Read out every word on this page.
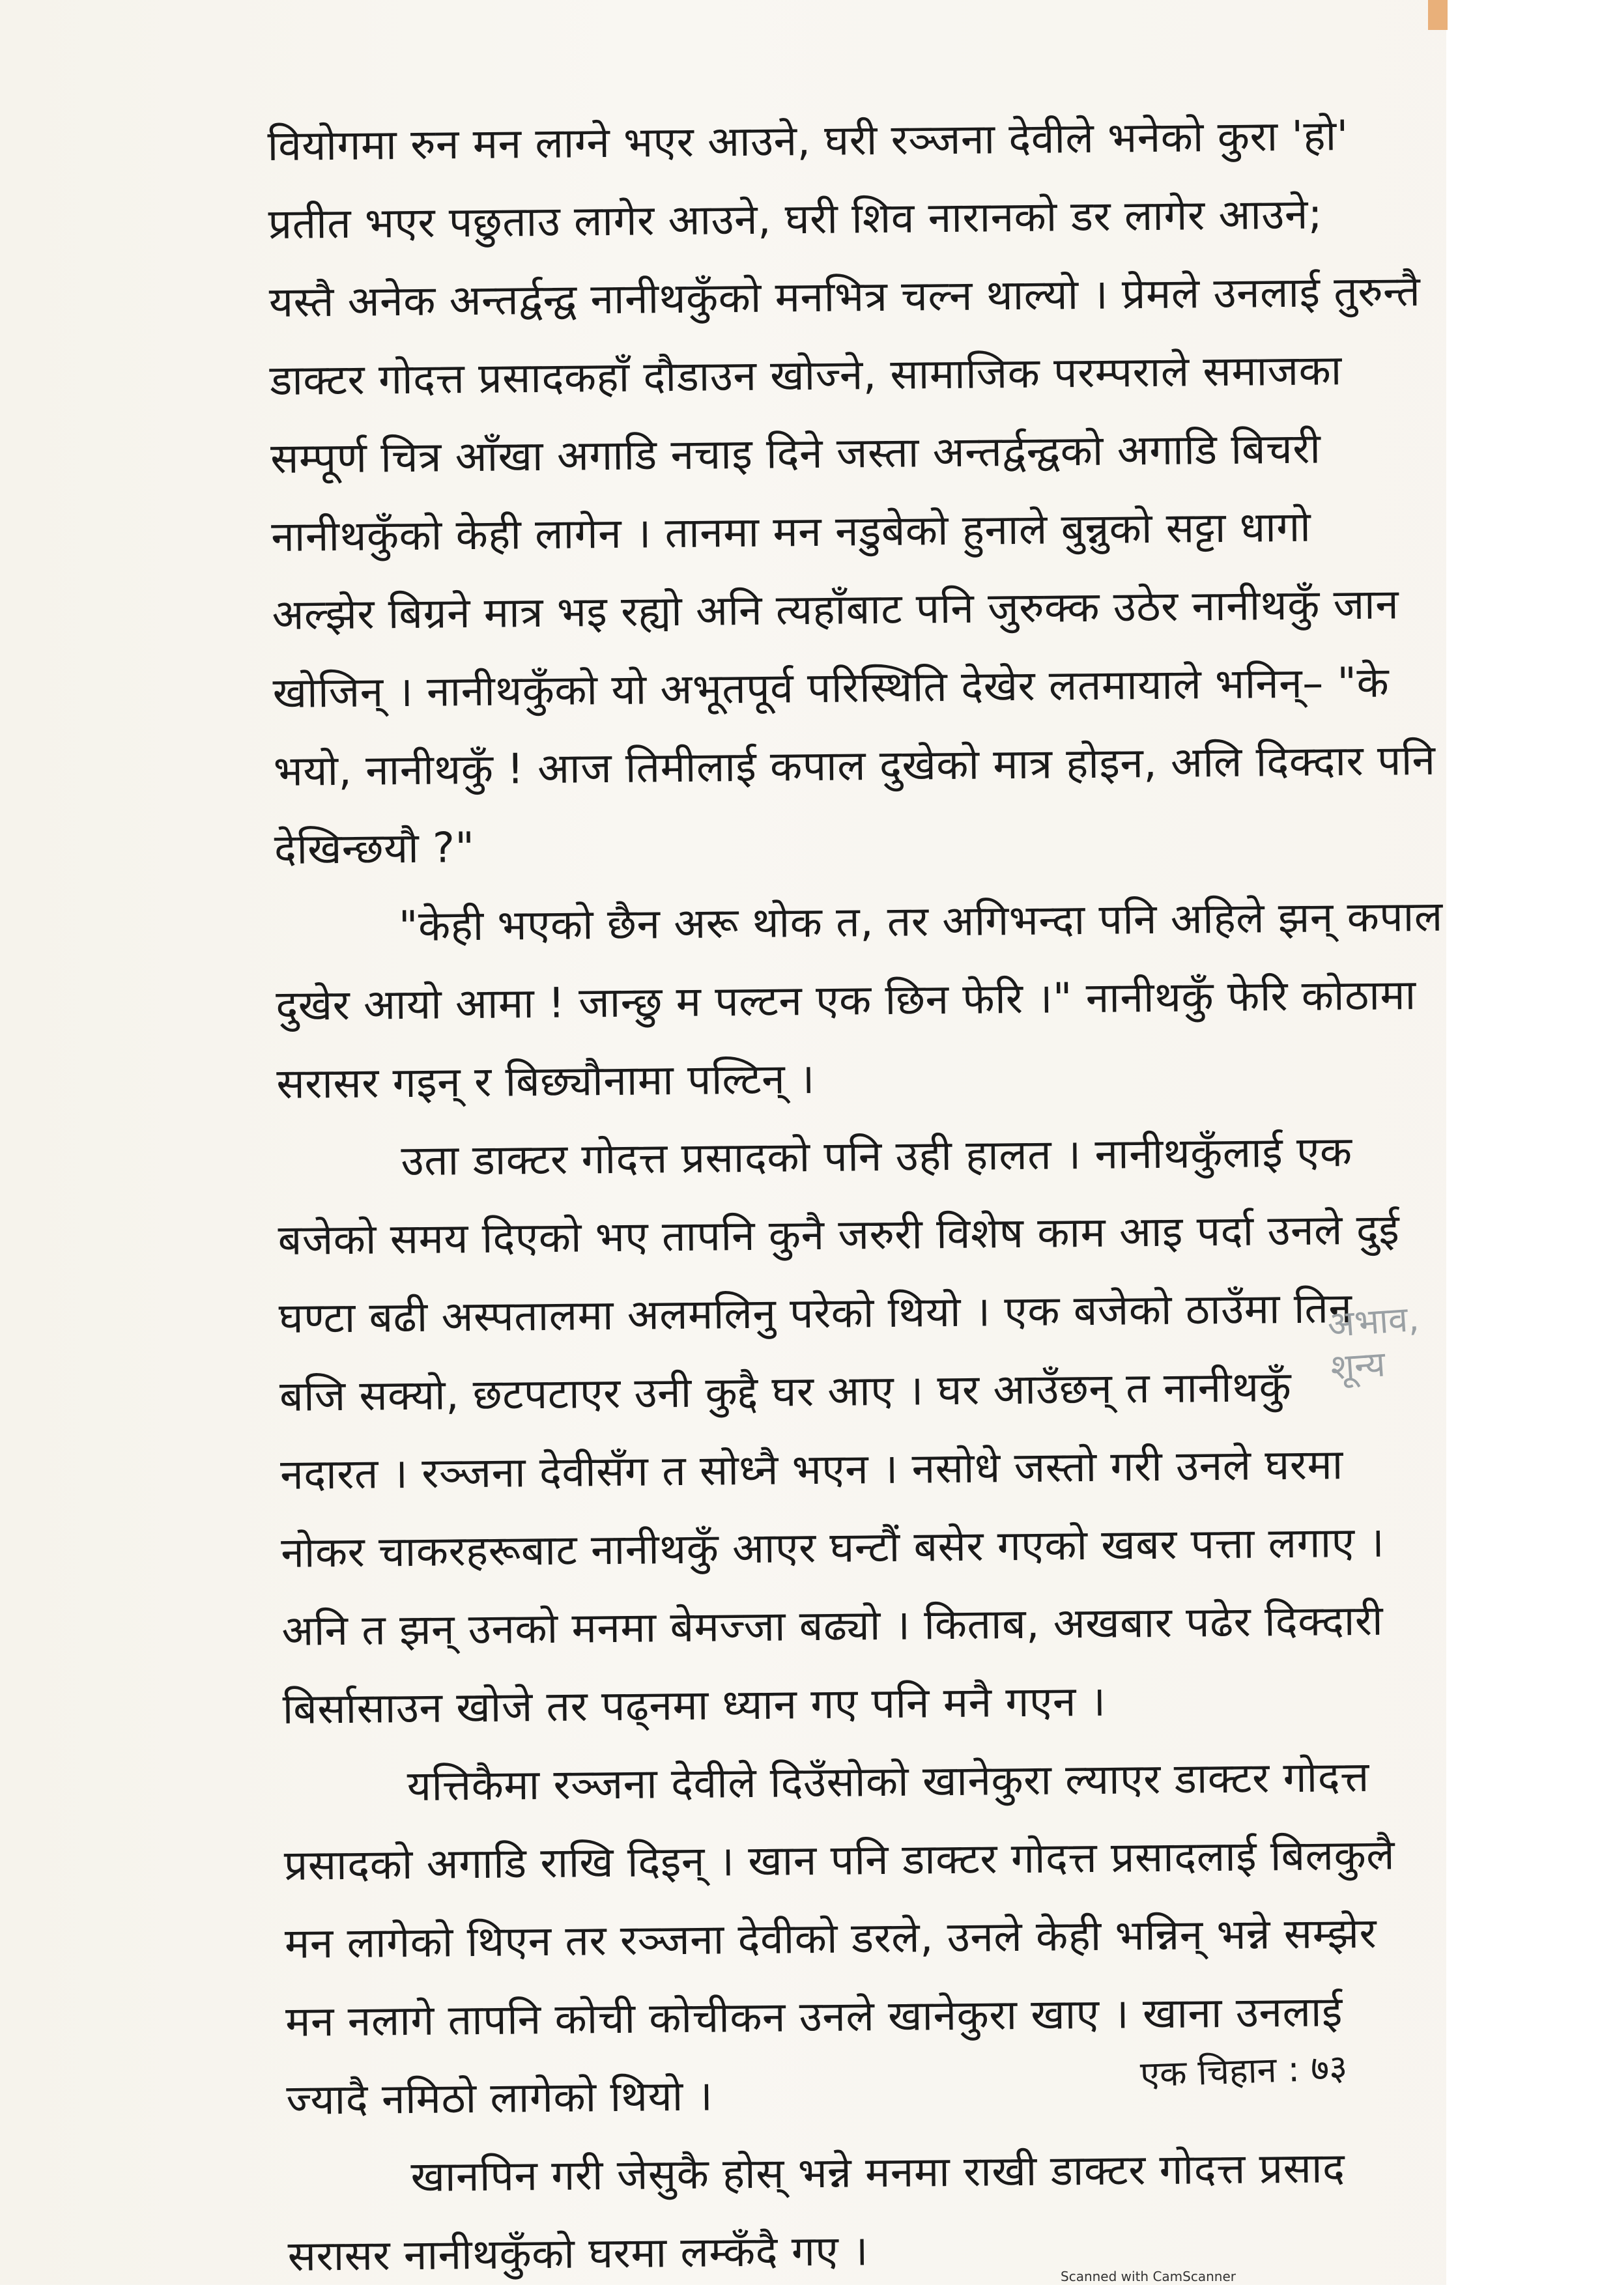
वियोगमा रुन मन लाग्ने भएर आउने, घरी रञ्जना देवीले भनेको कुरा 'हो'
प्रतीत भएर पछुताउ लागेर आउने, घरी शिव नारानको डर लागेर आउने;
यस्तै अनेक अन्तर्द्वन्द्व नानीथकुँको मनभित्र चल्न थाल्यो । प्रेमले उनलाई तुरुन्तै
डाक्टर गोदत्त प्रसादकहाँ दौडाउन खोज्ने, सामाजिक परम्पराले समाजका
सम्पूर्ण चित्र आँखा अगाडि नचाइ दिने जस्ता अन्तर्द्वन्द्वको अगाडि बिचरी
नानीथकुँको केही लागेन । तानमा मन नडुबेको हुनाले बुन्नुको सट्टा धागो
अल्झेर बिग्रने मात्र भइ रह्यो अनि त्यहाँबाट पनि जुरुक्क उठेर नानीथकुँ जान
खोजिन् । नानीथकुँको यो अभूतपूर्व परिस्थिति देखेर लतमायाले भनिन्– "के
भयो, नानीथकुँ ! आज तिमीलाई कपाल दुखेको मात्र होइन, अलि दिक्दार पनि
देखिन्छयौ ?"
"केही भएको छैन अरू थोक त, तर अगिभन्दा पनि अहिले झन् कपाल
दुखेर आयो आमा ! जान्छु म पल्टन एक छिन फेरि ।" नानीथकुँ फेरि कोठामा
सरासर गइन् र बिछ्यौनामा पल्टिन् ।
उता डाक्टर गोदत्त प्रसादको पनि उही हालत । नानीथकुँलाई एक
बजेको समय दिएको भए तापनि कुनै जरुरी विशेष काम आइ पर्दा उनले दुई
घण्टा बढी अस्पतालमा अलमलिनु परेको थियो । एक बजेको ठाउँमा तिन
बजि सक्यो, छटपटाएर उनी कुद्दै घर आए । घर आउँछन् त नानीथकुँ
नदारत । रञ्जना देवीसँग त सोध्नै भएन । नसोधे जस्तो गरी उनले घरमा
नोकर चाकरहरूबाट नानीथकुँ आएर घन्टौं बसेर गएको खबर पत्ता लगाए ।
अनि त झन् उनको मनमा बेमज्जा बढ्यो । किताब, अखबार पढेर दिक्दारी
बिर्सासाउन खोजे तर पढ्नमा ध्यान गए पनि मनै गएन ।
यत्तिकैमा रञ्जना देवीले दिउँसोको खानेकुरा ल्याएर डाक्टर गोदत्त
प्रसादको अगाडि राखि दिइन् । खान पनि डाक्टर गोदत्त प्रसादलाई बिलकुलै
मन लागेको थिएन तर रञ्जना देवीको डरले, उनले केही भन्निन् भन्ने सम्झेर
मन नलागे तापनि कोची कोचीकन उनले खानेकुरा खाए । खाना उनलाई
ज्यादै नमिठो लागेको थियो ।
खानपिन गरी जेसुकै होस् भन्ने मनमा राखी डाक्टर गोदत्त प्रसाद
सरासर नानीथकुँको घरमा लम्कँदै गए ।
अभाव,
शून्य
एक चिहान : ७३
Scanned with CamScanner
